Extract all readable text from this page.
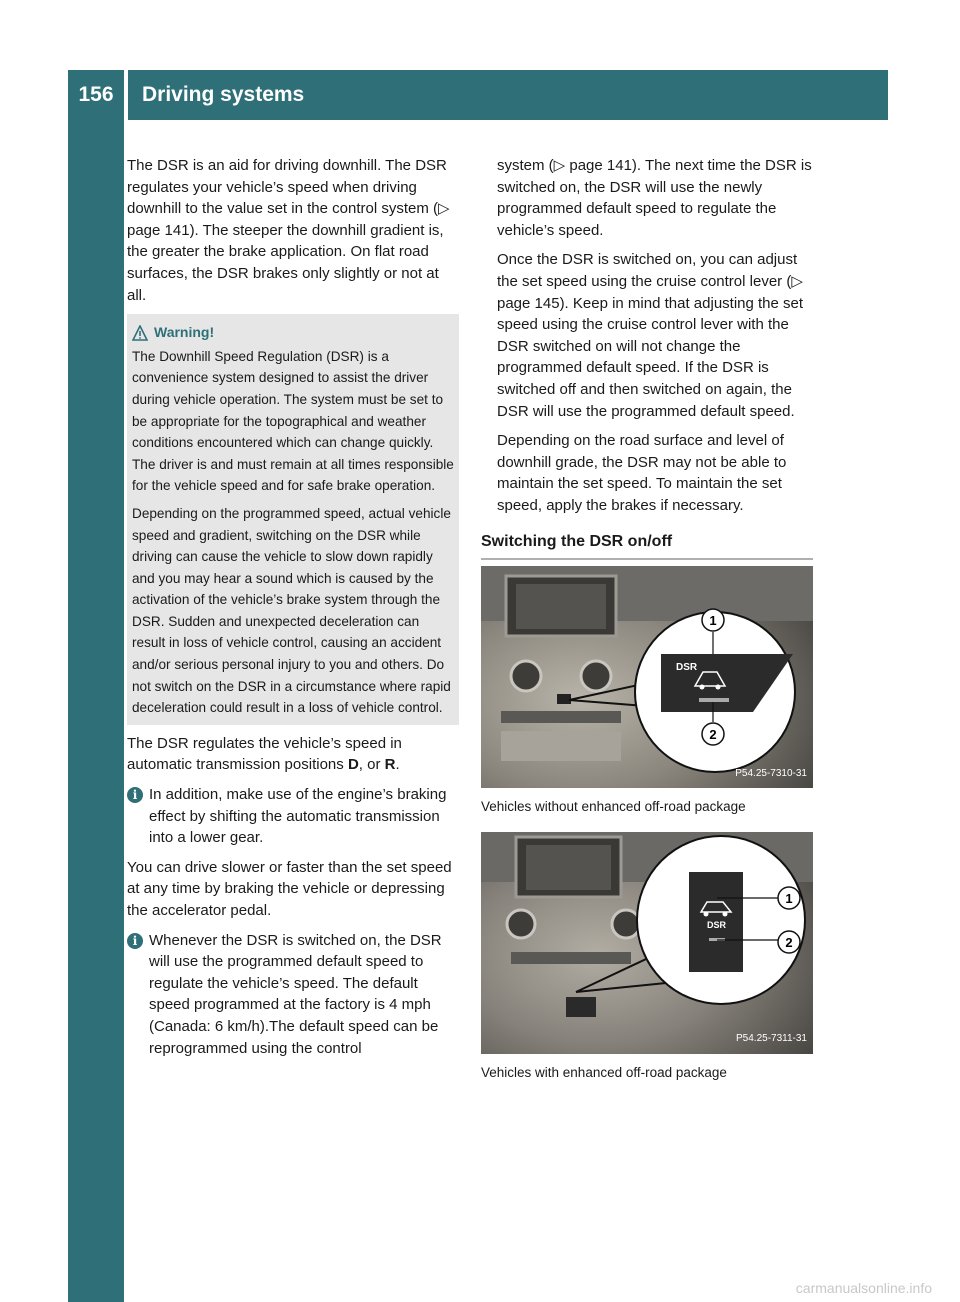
156	Driving systems
Controls in detail

The DSR is an aid for driving downhill. The DSR regulates your vehicle’s speed when driving downhill to the value set in the control system (▷ page 141). The steeper the downhill gradient is, the greater the brake application. On flat road surfaces, the DSR brakes only slightly or not at all.

Warning!

The Downhill Speed Regulation (DSR) is a convenience system designed to assist the driver during vehicle operation. The system must be set to be appropriate for the topographical and weather conditions encountered which can change quickly. The driver is and must remain at all times responsible for the vehicle speed and for safe brake operation.

Depending on the programmed speed, actual vehicle speed and gradient, switching on the DSR while driving can cause the vehicle to slow down rapidly and you may hear a sound which is caused by the activation of the vehicle’s brake system through the DSR. Sudden and unexpected deceleration can result in loss of vehicle control, causing an accident and/or serious personal injury to you and others. Do not switch on the DSR in a circumstance where rapid deceleration could result in a loss of vehicle control.

The DSR regulates the vehicle’s speed in automatic transmission positions D, or R.

i In addition, make use of the engine’s braking effect by shifting the automatic transmission into a lower gear.

You can drive slower or faster than the set speed at any time by braking the vehicle or depressing the accelerator pedal.

i Whenever the DSR is switched on, the DSR will use the programmed default speed to regulate the vehicle’s speed. The default speed programmed at the factory is 4 mph (Canada: 6 km/h).The default speed can be reprogrammed using the control

system (▷ page 141). The next time the DSR is switched on, the DSR will use the newly programmed default speed to regulate the vehicle’s speed.

Once the DSR is switched on, you can adjust the set speed using the cruise control lever (▷ page 145). Keep in mind that adjusting the set speed using the cruise control lever with the DSR switched on will not change the programmed default speed. If the DSR is switched off and then switched on again, the DSR will use the programmed default speed.

Depending on the road surface and level of downhill grade, the DSR may not be able to maintain the set speed. To maintain the set speed, apply the brakes if necessary.

Switching the DSR on/off
DSR
1
2
P54.25-7310-31
Vehicles without enhanced off-road package
DSR
1
2
P54.25-7311-31
Vehicles with enhanced off-road package
carmanualsonline.info
